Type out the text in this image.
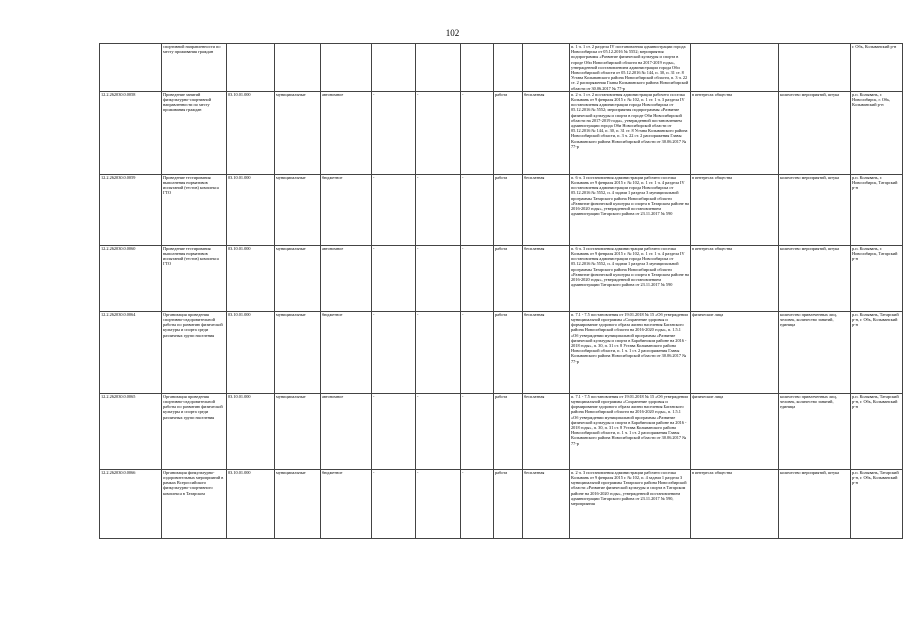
102
	спортивной направленности по месту проживания граждан									п. 1 ч. 1 ст. 2 раздела IV постановления администрации города Новосибирска от 05.12.2016 № 5552; мероприятия подпрограммы «Развитие физической культуры и спорта в городе Оби Новосибирской области на 2017-2019 годы», утвержденной постановлением администрации города Оби Новосибирской области от 05.12.2016 № 144, п. 30, п. 31 ст. 8 Устава Колыванского района Новосибирской области, п. 3 ч. 22 ст. 2 распоряжения Главы Колыванского района Новосибирской области от 30.06.2017 № 77-р			г. Обь, Колыванский р-н
12.2.262030.0.0058	Проведение занятий физкультурно-спортивной направленности по месту проживания граждан	03.10.01.000	муниципальные	автономное	-	-	-	работа	бесплатная	п. 2 ч. 1 ст. 2 постановления администрации рабочего поселка Колывань от 9 февраля 2015 г. № 102, п. 1 ст. 1 ч. 3 раздела IV постановления администрации города Новосибирска от 05.12.2016 № 5552; мероприятия подпрограммы «Развитие физической культуры и спорта в городе Оби Новосибирской области на 2017-2019 годы», утвержденной постановлением администрации города Оби Новосибирской области от 05.12.2016 № 144, п. 30, п. 31 ст. 8 Устава Колыванского района Новосибирской области, п. 3 ч. 22 ст. 2 распоряжения Главы Колыванского района Новосибирской области от 30.06.2017 № 77-р	в интересах общества	количество мероприятий, штука	р.п. Колывань, г. Новосибирск, г. Обь, Колыванский р-н
12.2.262030.0.0059	Проведение тестирования выполнения нормативов испытаний (тестов) комплекса ГТО	03.10.01.000	муниципальные	бюджетное	-	-	-	работа	бесплатная	п. 6 ч. 3 постановления администрации рабочего поселка Колывань от 9 февраля 2015 г. № 102, п. 1 ст. 1 ч. 4 раздела IV постановления администрации города Новосибирска от 05.12.2016 № 5552, п. 4 задачи 1 раздела 3 муниципальной программы Татарского района Новосибирской области «Развитие физической культуры и спорта в Татарском районе на 2016-2020 годы», утвержденной постановлением администрации Татарского района от 23.11.2017 № 590	в интересах общества	количество мероприятий, штука	р.п. Колывань, г. Новосибирск, Татарский р-н
12.2.262030.0.0060	Проведение тестирования выполнения нормативов испытаний (тестов) комплекса ГТО	03.10.01.000	муниципальные	автономное	-	-	-	работа	бесплатная	п. 6 ч. 3 постановления администрации рабочего поселка Колывань от 9 февраля 2015 г. № 102, п. 1 ст. 1 ч. 4 раздела IV постановления администрации города Новосибирска от 05.12.2016 № 5552, п. 4 задачи 1 раздела 3 муниципальной программы Татарского района Новосибирской области «Развитие физической культуры и спорта в Татарском районе на 2016-2020 годы», утвержденной постановлением администрации Татарского района от 23.11.2017 № 590	в интересах общества	количество мероприятий, штука	р.п. Колывань, г. Новосибирск, Татарский р-н
12.2.262030.0.0064	Организация проведения спортивно-оздоровительной работы по развитию физической культуры и спорта среди различных групп населения	03.10.01.000	муниципальные	бюджетное	-	-	-	работа	бесплатная	п. 7.1 - 7.5 постановления от 19.01.2018 № 15 «Об утверждении муниципальной программы «Сохранение здоровья и формирование здорового образа жизни населения Баганского района Новосибирской области на 2016-2020 годы», п. 1.5.1 «Об утверждении муниципальной программы «Развитие физической культуры и спорта в Барабинском районе на 2016 - 2018 годы», п. 30, п. 31 ст. 8 Устава Колыванского района Новосибирской области, п. 1 ч. 1 ст. 2 распоряжения Главы Колыванского района Новосибирской области от 30.06.2017 № 77-р	физические лица	количество привлеченных лиц, человек, количество занятий, единица	р.п. Колывань, Татарский р-н, г. Обь, Колыванский р-н
12.2.262030.0.0065	Организация проведения спортивно-оздоровительной работы по развитию физической культуры и спорта среди различных групп населения	03.10.01.000	муниципальные	автономное	-	-	-	работа	бесплатная	п. 7.1 - 7.5 постановления от 19.01.2018 № 15 «Об утверждении муниципальной программы «Сохранение здоровья и формирование здорового образа жизни населения Баганского района Новосибирской области на 2016-2020 годы», п. 1.5.1 «Об утверждении муниципальной программы «Развитие физической культуры и спорта в Барабинском районе на 2016 - 2018 годы», п. 30, п. 31 ст. 8 Устава Колыванского района Новосибирской области, п. 1 ч. 1 ст. 2 распоряжения Главы Колыванского района Новосибирской области от 30.06.2017 № 77-р	физические лица	количество привлеченных лиц, человек, количество занятий, единица	р.п. Колывань, Татарский р-н, г. Обь, Колыванский р-н
12.2.262030.0.0066	Организация физкультурно-оздоровительных мероприятий в рамках Всероссийского физкультурно-спортивного комплекса в Татарском	03.10.01.000	муниципальные	бюджетное	-	-	-	работа	бесплатная	п. 2 ч. 3 постановления администрации рабочего поселка Колывань от 9 февраля 2015 г. № 102, п. 4 задачи 1 раздела 3 муниципальной программы Татарского района Новосибирской области «Развитие физической культуры и спорта в Татарском районе на 2016-2020 годы», утвержденной постановлением администрации Татарского района от 23.11.2017 № 590, мероприятия	в интересах общества	количество мероприятий, штука	р.п. Колывань, Татарский р-н, г. Обь, Колыванский р-н
